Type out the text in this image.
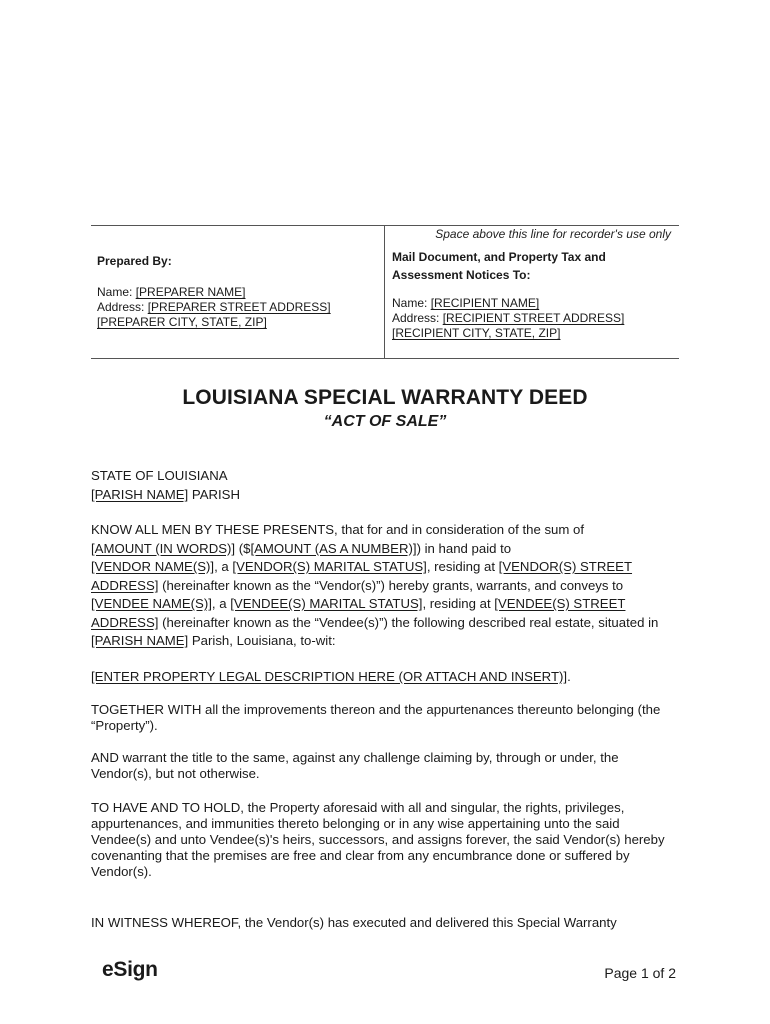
Space above this line for recorder's use only
Prepared By:
Name: [PREPARER NAME]
Address: [PREPARER STREET ADDRESS]
[PREPARER CITY, STATE, ZIP]
Mail Document, and Property Tax and
Assessment Notices To:
Name: [RECIPIENT NAME]
Address: [RECIPIENT STREET ADDRESS]
[RECIPIENT CITY, STATE, ZIP]
LOUISIANA SPECIAL WARRANTY DEED
“ACT OF SALE”

STATE OF LOUISIANA

[PARISH NAME] PARISH

KNOW ALL MEN BY THESE PRESENTS, that for and in consideration of the sum of
[AMOUNT (IN WORDS)] ($[AMOUNT (AS A NUMBER)]) in hand paid to
[VENDOR NAME(S)], a [VENDOR(S) MARITAL STATUS], residing at [VENDOR(S) STREET ADDRESS] (hereinafter known as the “Vendor(s)”) hereby grants, warrants, and conveys to
[VENDEE NAME(S)], a [VENDEE(S) MARITAL STATUS], residing at [VENDEE(S) STREET ADDRESS] (hereinafter known as the “Vendee(s)”) the following described real estate, situated in [PARISH NAME] Parish, Louisiana, to-wit:

[ENTER PROPERTY LEGAL DESCRIPTION HERE (OR ATTACH AND INSERT)].

TOGETHER WITH all the improvements thereon and the appurtenances thereunto belonging (the “Property”).

AND warrant the title to the same, against any challenge claiming by, through or under, the Vendor(s), but not otherwise.

TO HAVE AND TO HOLD, the Property aforesaid with all and singular, the rights, privileges, appurtenances, and immunities thereto belonging or in any wise appertaining unto the said Vendee(s) and unto Vendee(s)'s heirs, successors, and assigns forever, the said Vendor(s) hereby covenanting that the premises are free and clear from any encumbrance done or suffered by Vendor(s).

IN WITNESS WHEREOF, the Vendor(s) has executed and delivered this Special Warranty

eSign	Page 1 of 2
